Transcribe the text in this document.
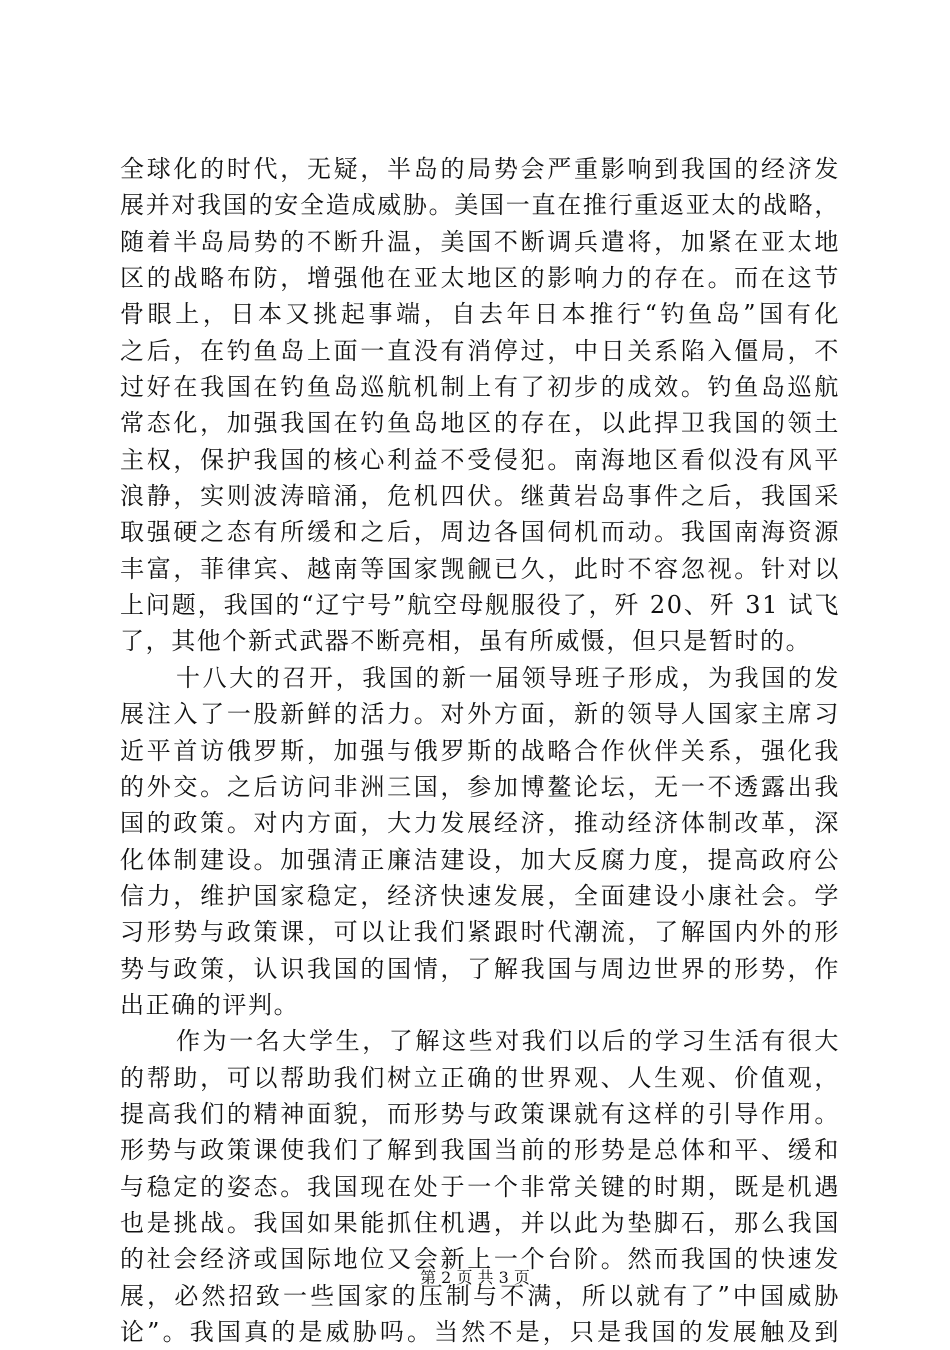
全球化的时代，无疑，半岛的局势会严重影响到我国的经济发
展并对我国的安全造成威胁。美国一直在推行重返亚太的战略，
随着半岛局势的不断升温，美国不断调兵遣将，加紧在亚太地
区的战略布防，增强他在亚太地区的影响力的存在。而在这节
骨眼上，日本又挑起事端，自去年日本推行“钓鱼岛”国有化
之后，在钓鱼岛上面一直没有消停过，中日关系陷入僵局，不
过好在我国在钓鱼岛巡航机制上有了初步的成效。钓鱼岛巡航
常态化，加强我国在钓鱼岛地区的存在，以此捍卫我国的领土
主权，保护我国的核心利益不受侵犯。南海地区看似没有风平
浪静，实则波涛暗涌，危机四伏。继黄岩岛事件之后，我国采
取强硬之态有所缓和之后，周边各国伺机而动。我国南海资源
丰富，菲律宾、越南等国家觊觎已久，此时不容忽视。针对以
上问题，我国的“辽宁号”航空母舰服役了，歼 20、歼 31 试飞
了，其他个新式武器不断亮相，虽有所威慑，但只是暂时的。
十八大的召开，我国的新一届领导班子形成，为我国的发
展注入了一股新鲜的活力。对外方面，新的领导人国家主席习
近平首访俄罗斯，加强与俄罗斯的战略合作伙伴关系，强化我
的外交。之后访问非洲三国，参加博鳌论坛，无一不透露出我
国的政策。对内方面，大力发展经济，推动经济体制改革，深
化体制建设。加强清正廉洁建设，加大反腐力度，提高政府公
信力，维护国家稳定，经济快速发展，全面建设小康社会。学
习形势与政策课，可以让我们紧跟时代潮流，了解国内外的形
势与政策，认识我国的国情，了解我国与周边世界的形势，作
出正确的评判。
作为一名大学生，了解这些对我们以后的学习生活有很大
的帮助，可以帮助我们树立正确的世界观、人生观、价值观，
提高我们的精神面貌，而形势与政策课就有这样的引导作用。
形势与政策课使我们了解到我国当前的形势是总体和平、缓和
与稳定的姿态。我国现在处于一个非常关键的时期，既是机遇
也是挑战。我国如果能抓住机遇，并以此为垫脚石，那么我国
的社会经济或国际地位又会新上一个台阶。然而我国的快速发
展，必然招致一些国家的压制与不满，所以就有了”中国威胁
论”。我国真的是威胁吗。当然不是，只是我国的发展触及到
第 2 页 共 3 页
